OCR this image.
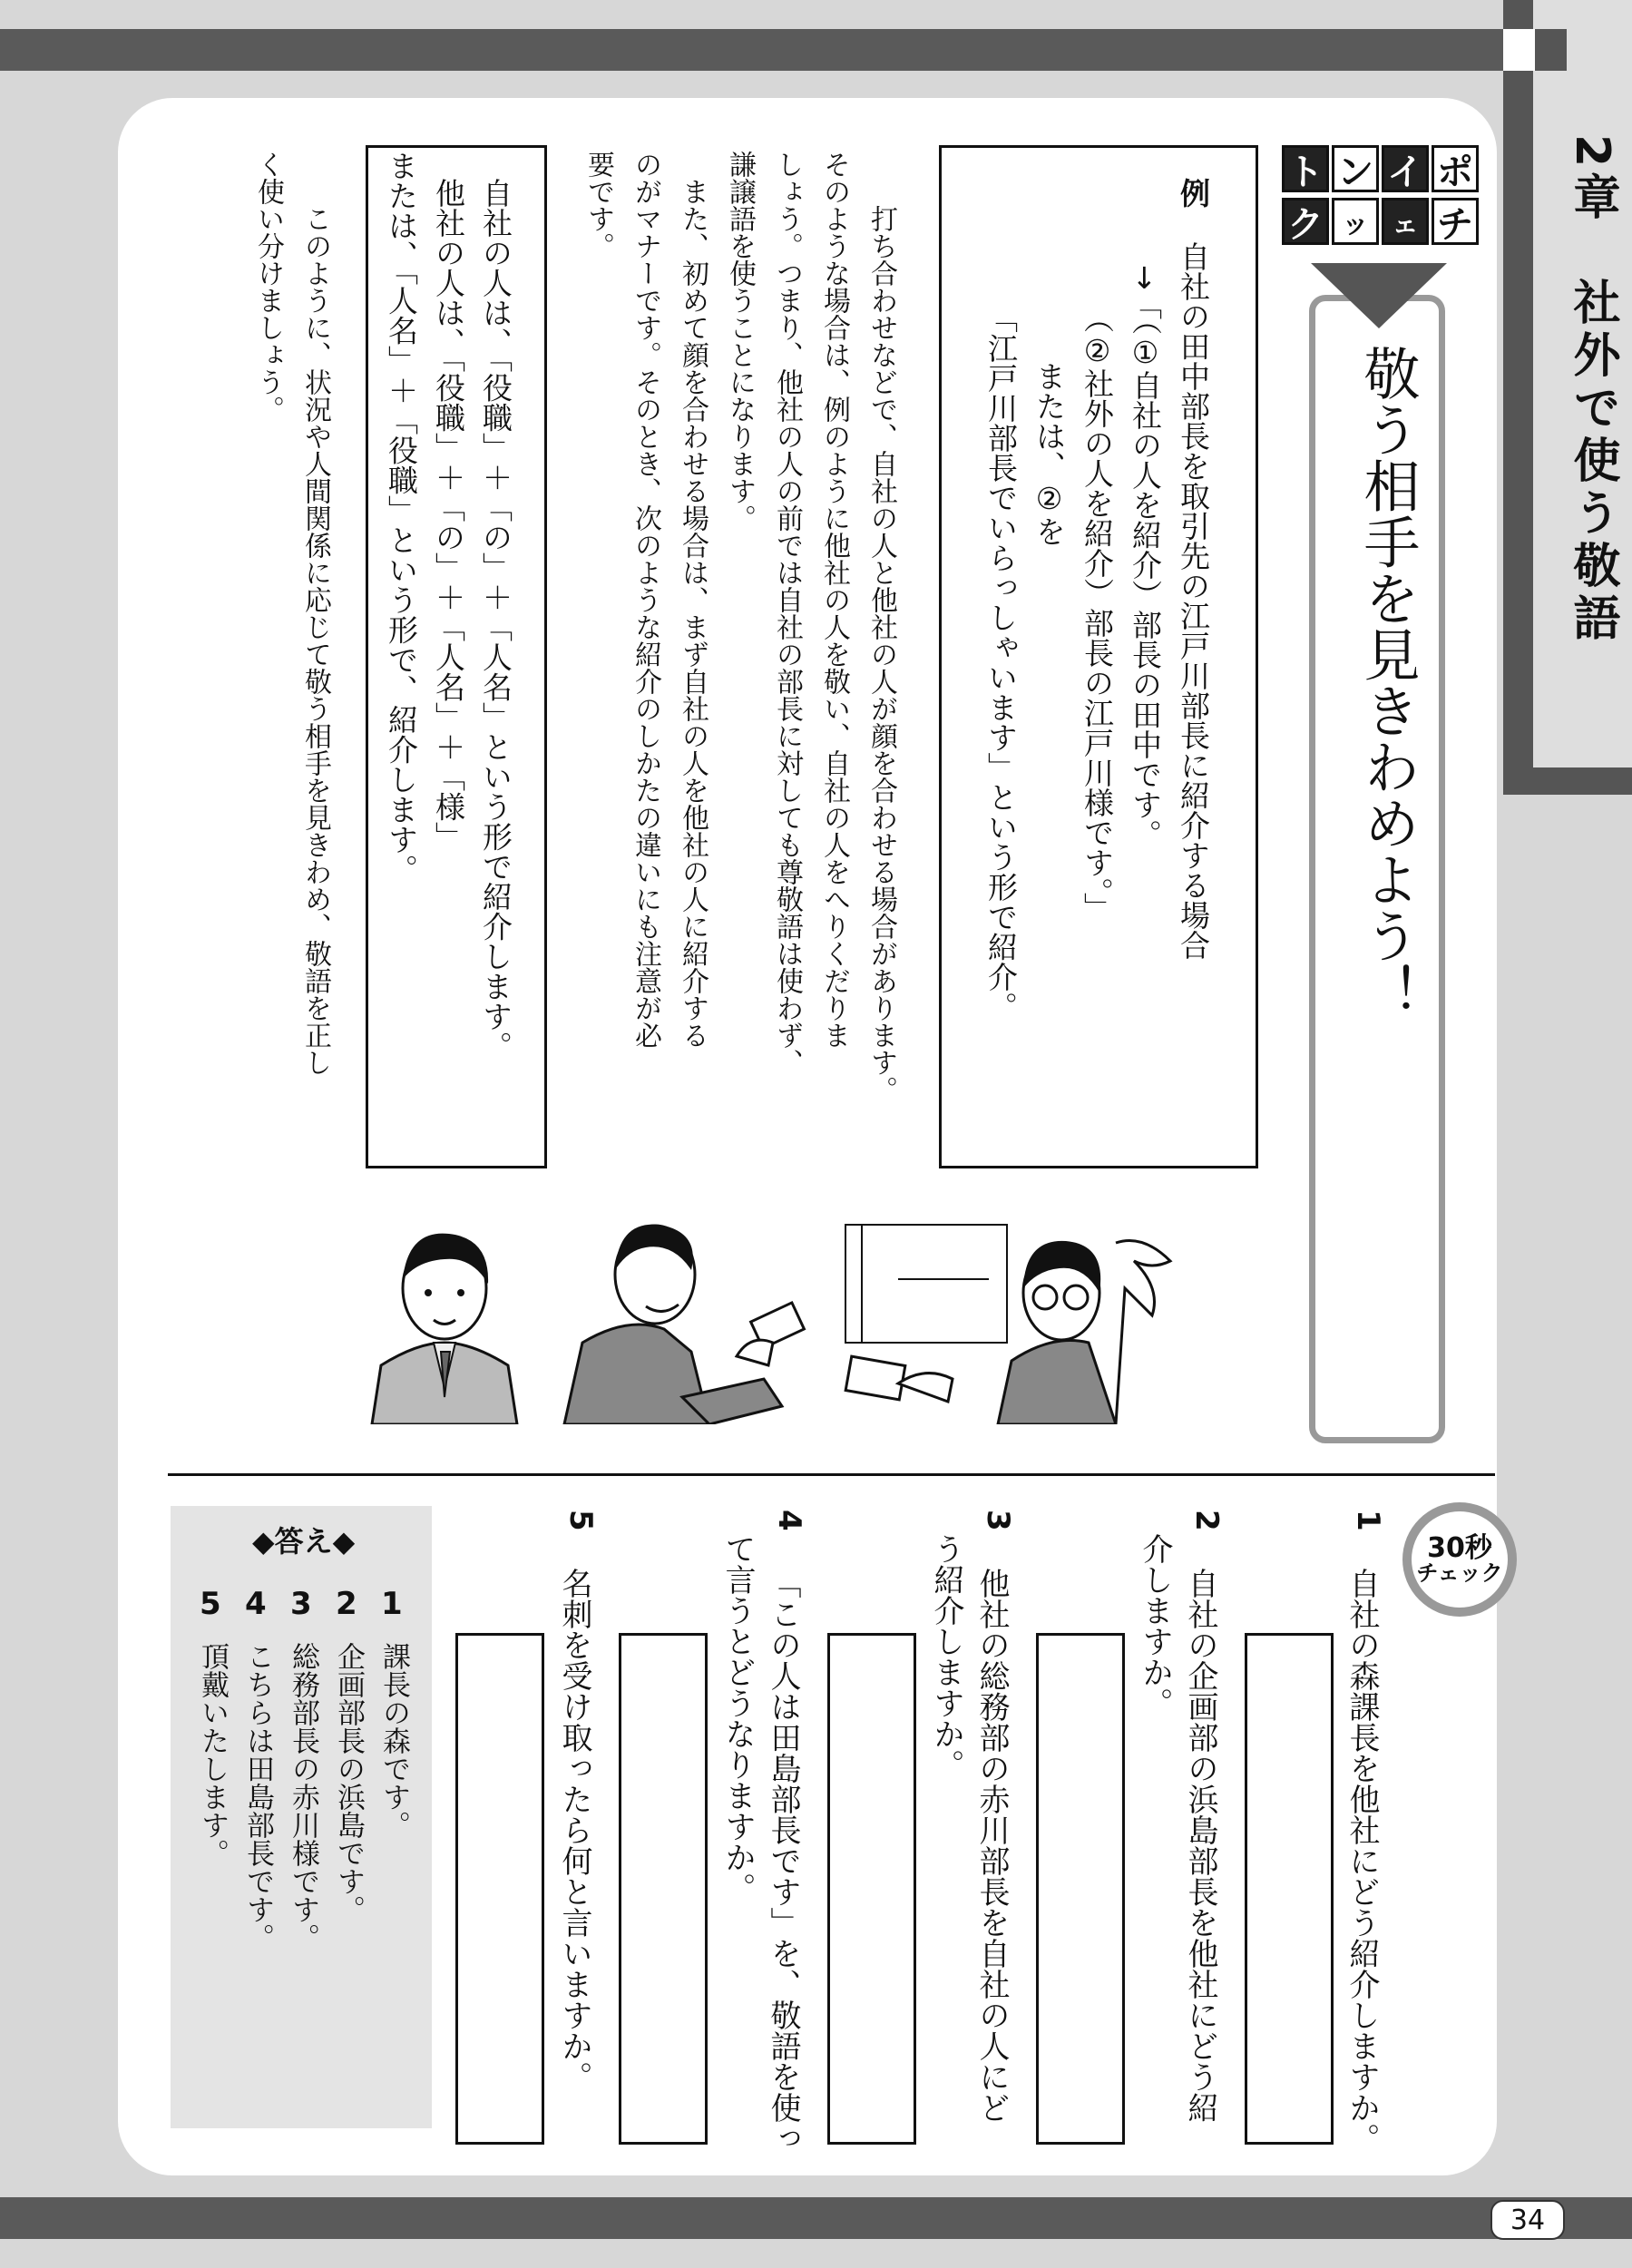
2章　社外で使う敬語
ポ
イ
ン
ト
チ
ェ
ッ
ク
敬う相手を見きわめよう！
例
自社の田中部長を取引先の江戸川部長に紹介する場合
→「（①自社の人を紹介）部長の田中です。
（②社外の人を紹介）部長の江戸川様です。」
または、②を
「江戸川部長でいらっしゃいます」という形で紹介。
　打ち合わせなどで、自社の人と他社の人が顔を合わせる場合があります。
そのような場合は、例のように他社の人を敬い、自社の人をへりくだりま
しょう。つまり、他社の人の前では自社の部長に対しても尊敬語は使わず、
謙譲語を使うことになります。
　また、初めて顔を合わせる場合は、まず自社の人を他社の人に紹介する
のがマナーです。そのとき、次のような紹介のしかたの違いにも注意が必
要です。
自社の人は、「役職」＋「の」＋「人名」という形で紹介します。
他社の人は、「役職」＋「の」＋「人名」＋「様」
または、「人名」＋「役職」という形で、紹介します。
　このように、状況や人間関係に応じて敬う相手を見きわめ、敬語を正し
く使い分けましょう。
30秒
チェック
1
自社の森課長を他社にどう紹介しますか。
2
自社の企画部の浜島部長を他社にどう紹
介しますか。
3
他社の総務部の赤川部長を自社の人にど
う紹介しますか。
4
「この人は田島部長です」を、敬語を使っ
て言うとどうなりますか。
5
名刺を受け取ったら何と言いますか。
◆答え◆
1
課長の森です。
2
企画部長の浜島です。
3
総務部長の赤川様です。
4
こちらは田島部長です。
5
頂戴いたします。
34
